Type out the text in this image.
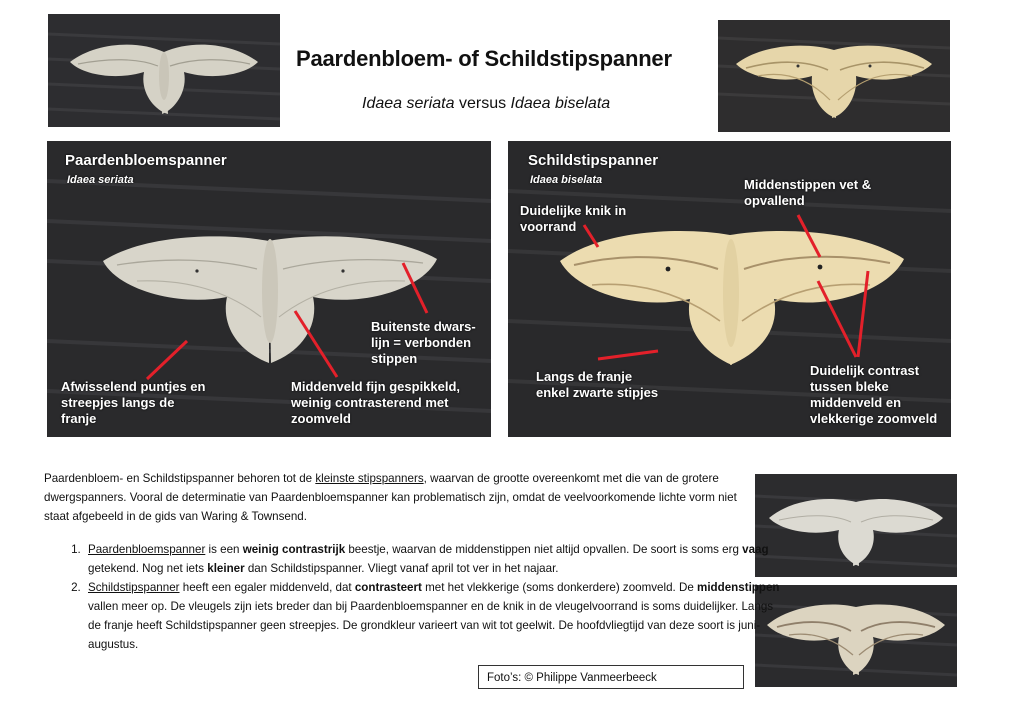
Paardenbloem- of Schildstipspanner
Idaea seriata versus Idaea biselata
Paardenbloemspanner
Idaea seriata
Buitenste dwars-
lijn = verbonden
stippen
Afwisselend puntjes en
streepjes langs de
franje
Middenveld fijn gespikkeld,
weinig contrasterend met
zoomveld
Schildstipspanner
Idaea biselata
Duidelijke knik in
voorrand
Middenstippen vet &
opvallend
Langs de franje
enkel zwarte stipjes
Duidelijk contrast
tussen bleke
middenveld en
vlekkerige zoomveld

Paardenbloem- en Schildstipspanner behoren tot de kleinste stipspanners, waarvan de grootte overeenkomt met die van de grotere dwergspanners. Vooral de determinatie van Paardenbloemspanner kan problematisch zijn, omdat de veelvoorkomende lichte vorm niet staat afgebeeld in de gids van Waring & Townsend.

1. Paardenbloemspanner is een weinig contrastrijk beestje, waarvan de middenstippen niet altijd opvallen. De soort is soms erg vaag getekend. Nog net iets kleiner dan Schildstipspanner. Vliegt vanaf april tot ver in het najaar.
2. Schildstipspanner heeft een egaler middenveld, dat contrasteert met het vlekkerige (soms donkerdere) zoomveld. De middenstippen vallen meer op. De vleugels zijn iets breder dan bij Paardenbloemspanner en de knik in de vleugelvoorrand is soms duidelijker. Langs de franje heeft Schildstipspanner geen streepjes. De grondkleur varieert van wit tot geelwit. De hoofdvliegtijd van deze soort is juni-augustus.
Foto’s: © Philippe Vanmeerbeeck
